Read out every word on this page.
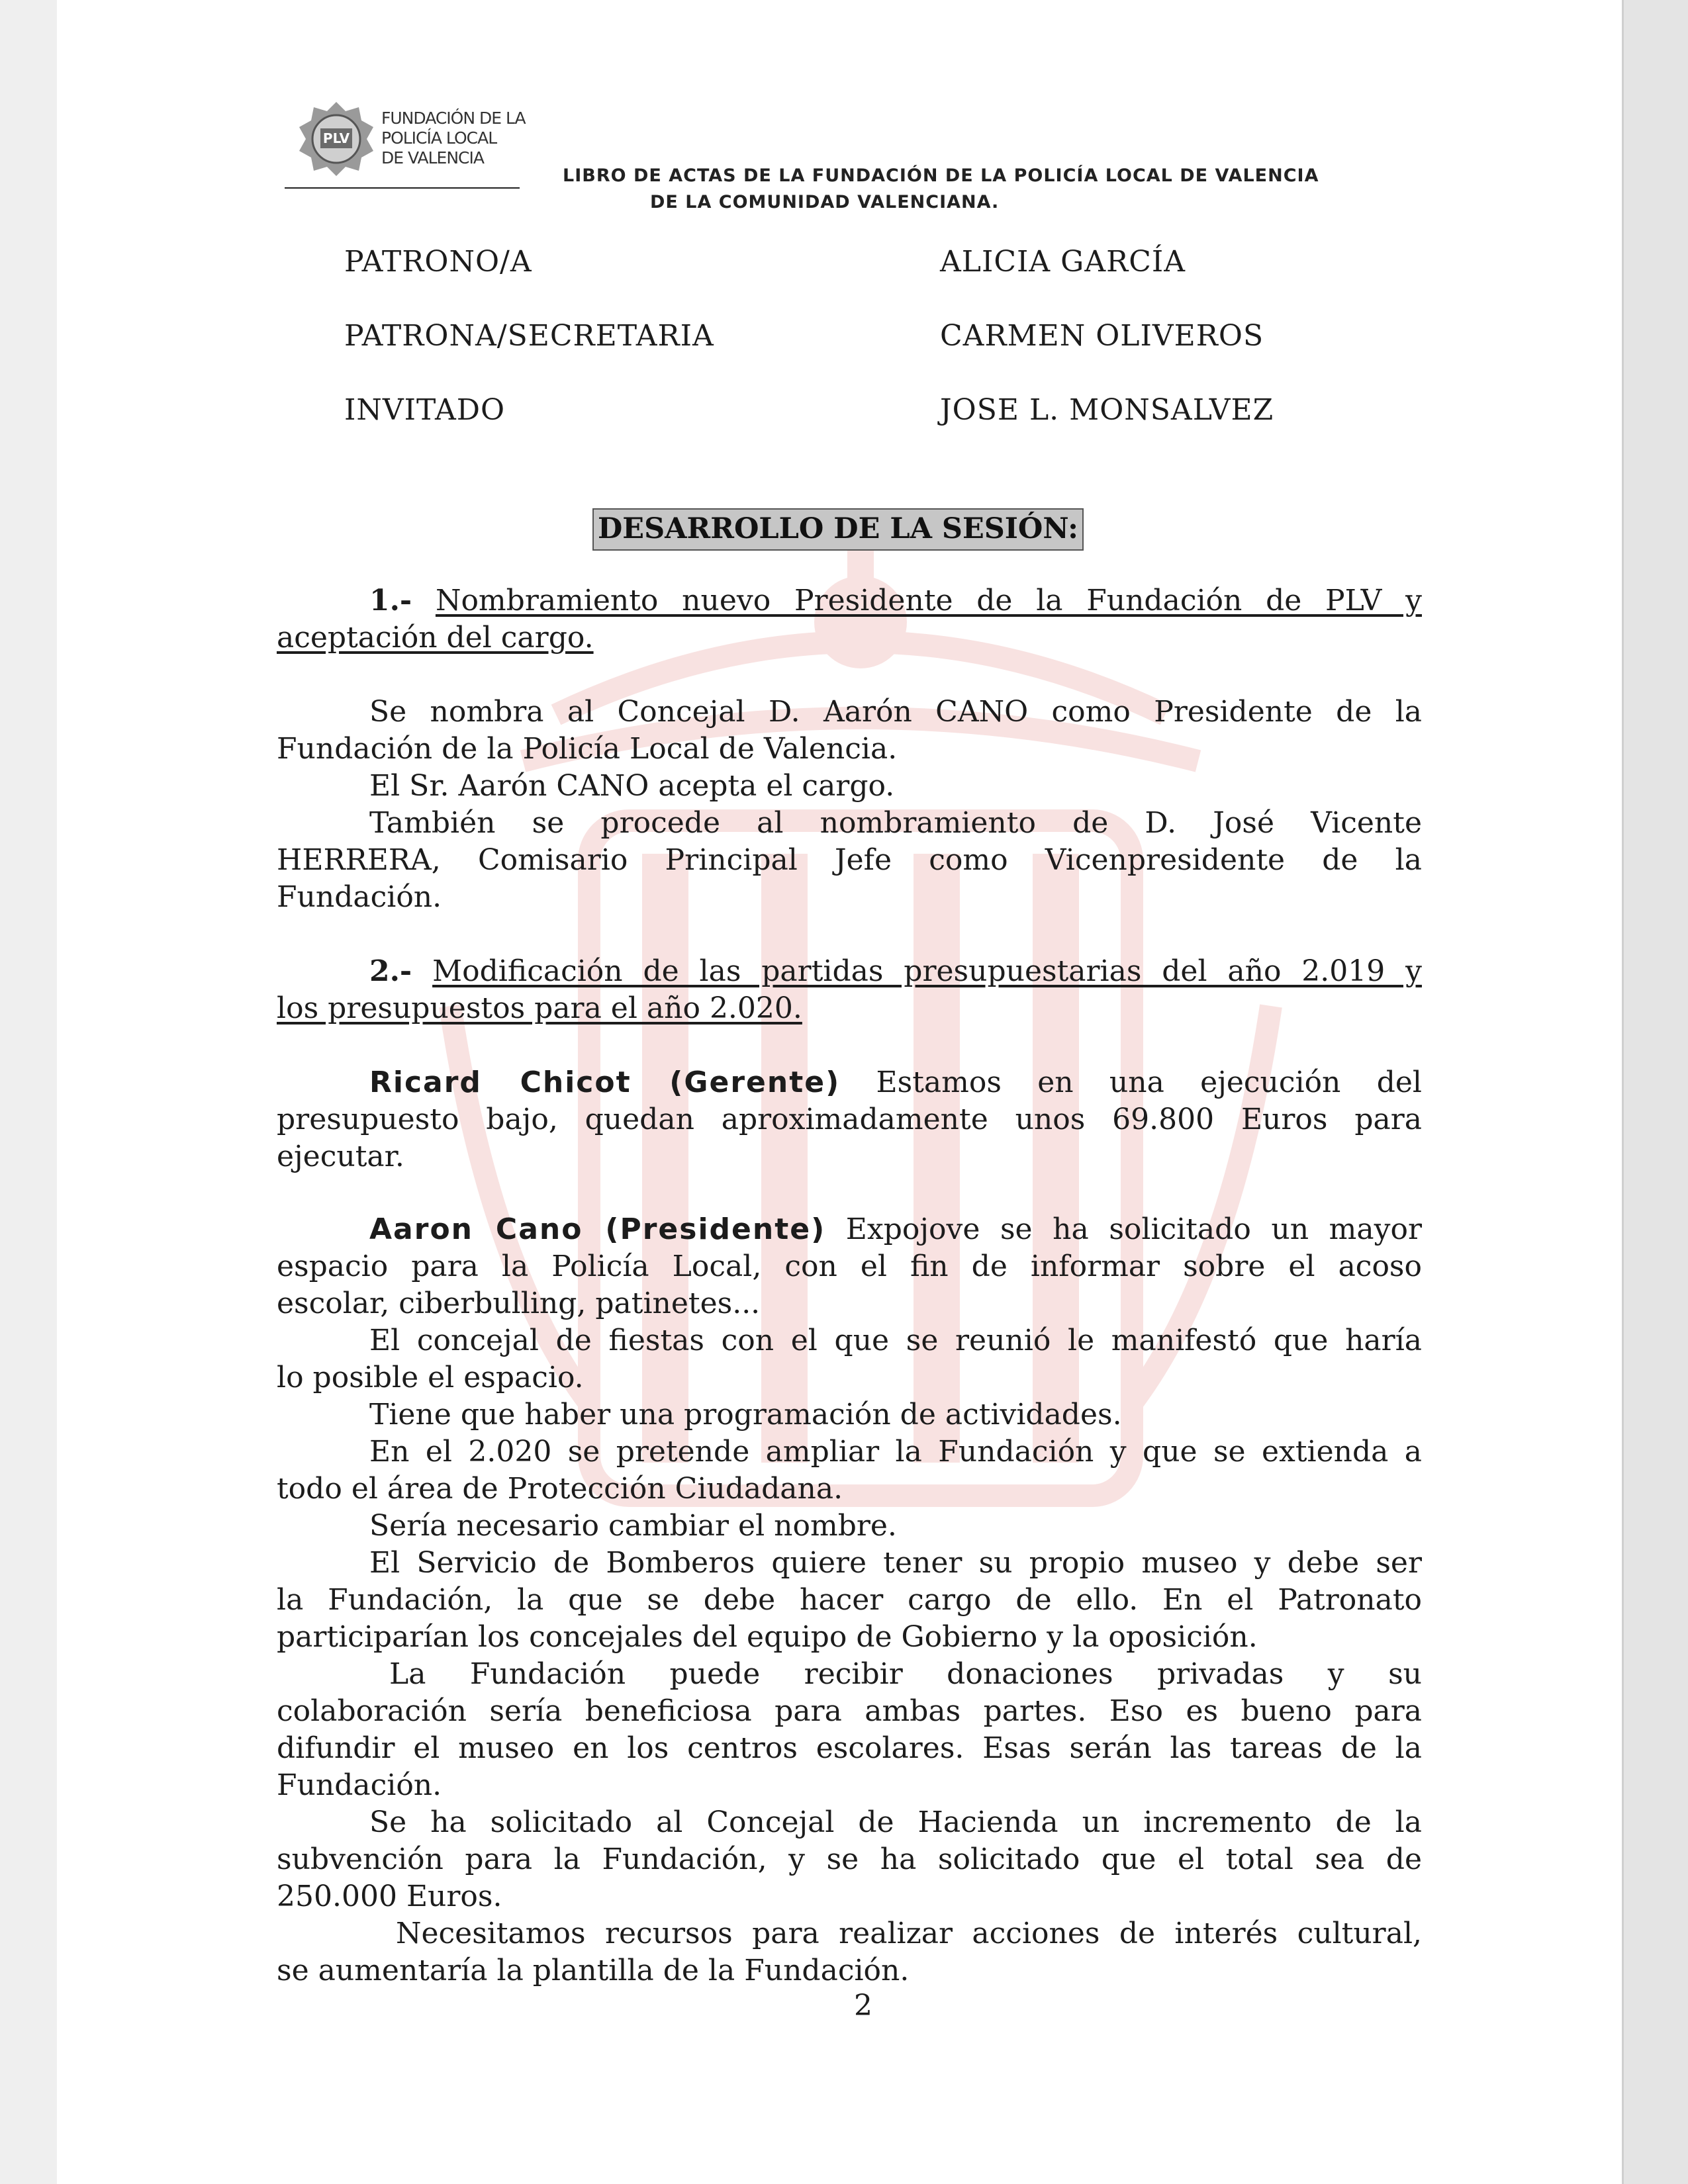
PLV
FUNDACIÓN DE LA
POLICÍA LOCAL
DE VALENCIA
LIBRO DE ACTAS DE LA FUNDACIÓN DE LA POLICÍA LOCAL DE VALENCIA
DE LA COMUNIDAD VALENCIANA.
PATRONO/A	ALICIA GARCÍA
PATRONA/SECRETARIA	CARMEN OLIVEROS
INVITADO	JOSE L. MONSALVEZ
DESARROLLO DE LA SESIÓN:
1.- Nombramiento nuevo Presidente de la Fundación de PLV y
aceptación del cargo.
Se nombra al Concejal D. Aarón CANO como Presidente de la
Fundación de la Policía Local de Valencia.
El Sr. Aarón CANO acepta el cargo.
También se procede al nombramiento de D. José Vicente
HERRERA, Comisario Principal Jefe como Vicenpresidente de la
Fundación.
2.- Modificación de las partidas presupuestarias del año 2.019 y
los presupuestos para el año 2.020.
Ricard Chicot (Gerente) Estamos en una ejecución del
presupuesto bajo, quedan aproximadamente unos 69.800 Euros para
ejecutar.
Aaron Cano (Presidente) Expojove se ha solicitado un mayor
espacio para la Policía Local, con el fin de informar sobre el acoso
escolar, ciberbulling, patinetes...
El concejal de fiestas con el que se reunió le manifestó que haría
lo posible el espacio.
Tiene que haber una programación de actividades.
En el 2.020 se pretende ampliar la Fundación y que se extienda a
todo el área de Protección Ciudadana.
Sería necesario cambiar el nombre.
El Servicio de Bomberos quiere tener su propio museo y debe ser
la Fundación, la que se debe hacer cargo de ello. En el Patronato
participarían los concejales del equipo de Gobierno y la oposición.
La Fundación puede recibir donaciones privadas y su
colaboración sería beneficiosa para ambas partes. Eso es bueno para
difundir el museo en los centros escolares. Esas serán las tareas de la
Fundación.
Se ha solicitado al Concejal de Hacienda un incremento de la
subvención para la Fundación, y se ha solicitado que el total sea de
250.000 Euros.
Necesitamos recursos para realizar acciones de interés cultural,
se aumentaría la plantilla de la Fundación.
2
